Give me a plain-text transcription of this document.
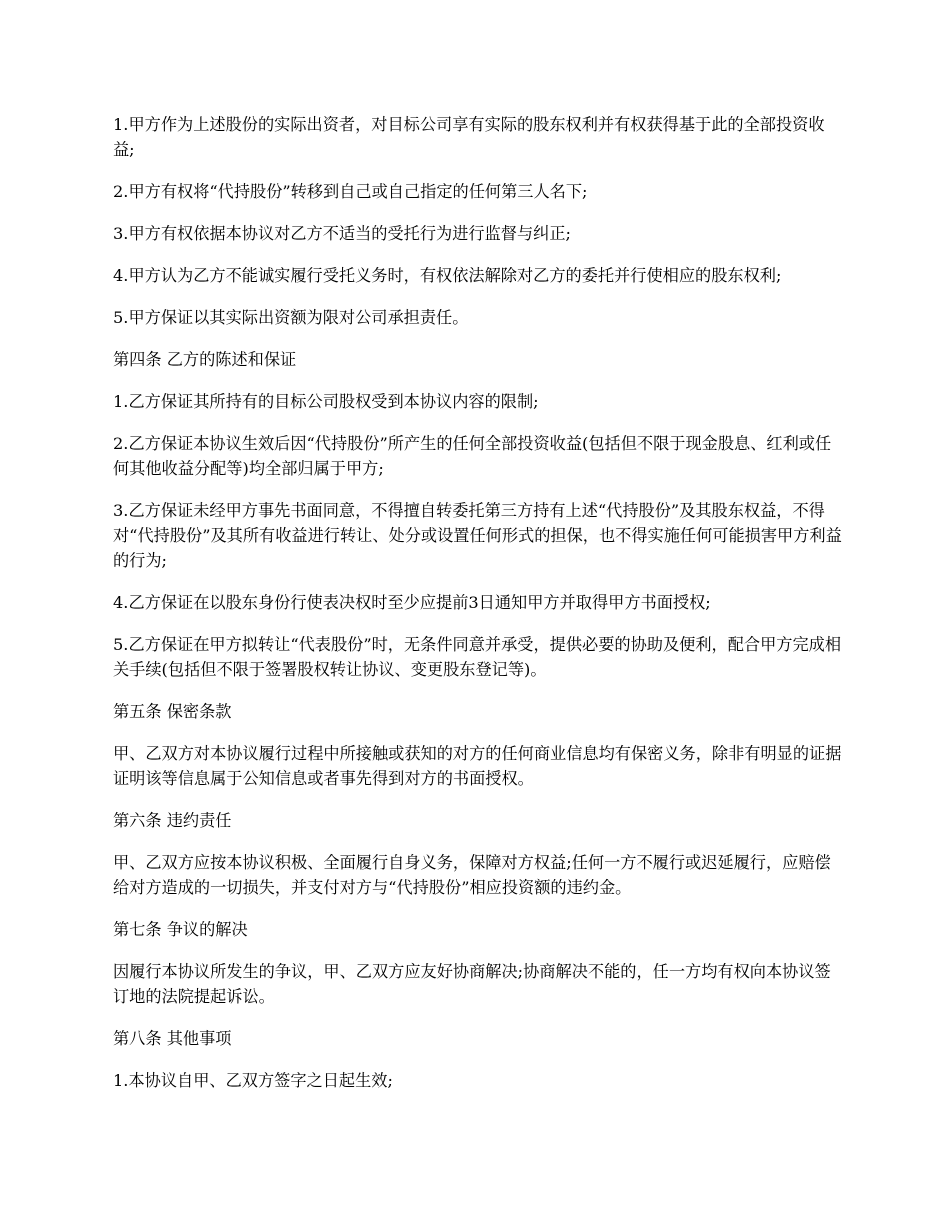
1.甲方作为上述股份的实际出资者，对目标公司享有实际的股东权利并有权获得基于此的全部投资收益;

2.甲方有权将“代持股份”转移到自己或自己指定的任何第三人名下;

3.甲方有权依据本协议对乙方不适当的受托行为进行监督与纠正;

4.甲方认为乙方不能诚实履行受托义务时，有权依法解除对乙方的委托并行使相应的股东权利;

5.甲方保证以其实际出资额为限对公司承担责任。

第四条 乙方的陈述和保证

1.乙方保证其所持有的目标公司股权受到本协议内容的限制;

2.乙方保证本协议生效后因“代持股份”所产生的任何全部投资收益(包括但不限于现金股息、红利或任何其他收益分配等)均全部归属于甲方;

3.乙方保证未经甲方事先书面同意，不得擅自转委托第三方持有上述“代持股份”及其股东权益，不得对“代持股份”及其所有收益进行转让、处分或设置任何形式的担保，也不得实施任何可能损害甲方利益的行为;

4.乙方保证在以股东身份行使表决权时至少应提前3日通知甲方并取得甲方书面授权;

5.乙方保证在甲方拟转让“代表股份”时，无条件同意并承受，提供必要的协助及便利，配合甲方完成相关手续(包括但不限于签署股权转让协议、变更股东登记等)。

第五条 保密条款

甲、乙双方对本协议履行过程中所接触或获知的对方的任何商业信息均有保密义务，除非有明显的证据证明该等信息属于公知信息或者事先得到对方的书面授权。

第六条 违约责任

甲、乙双方应按本协议积极、全面履行自身义务，保障对方权益;任何一方不履行或迟延履行，应赔偿给对方造成的一切损失，并支付对方与“代持股份”相应投资额的违约金。

第七条 争议的解决

因履行本协议所发生的争议，甲、乙双方应友好协商解决;协商解决不能的，任一方均有权向本协议签订地的法院提起诉讼。

第八条 其他事项

1.本协议自甲、乙双方签字之日起生效;
